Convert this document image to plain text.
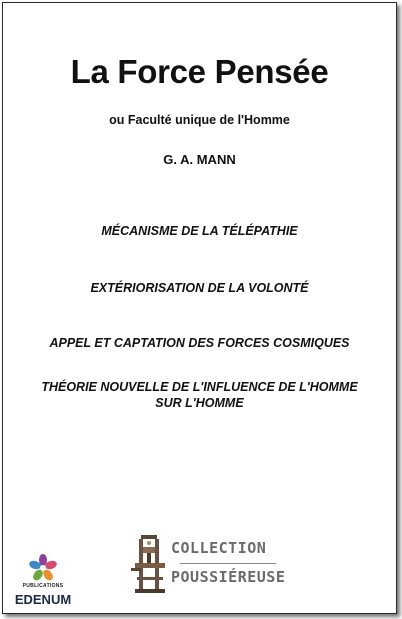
La Force Pensée
ou Faculté unique de l'Homme
G. A. MANN
MÉCANISME DE LA TÉLÉPATHIE
EXTÉRIORISATION DE LA VOLONTÉ
APPEL ET CAPTATION DES FORCES COSMIQUES
THÉORIE NOUVELLE DE L'INFLUENCE DE L'HOMME
SUR L'HOMME
COLLECTION
POUSSIÉREUSE
PUBLICATIONS
EDENUM
